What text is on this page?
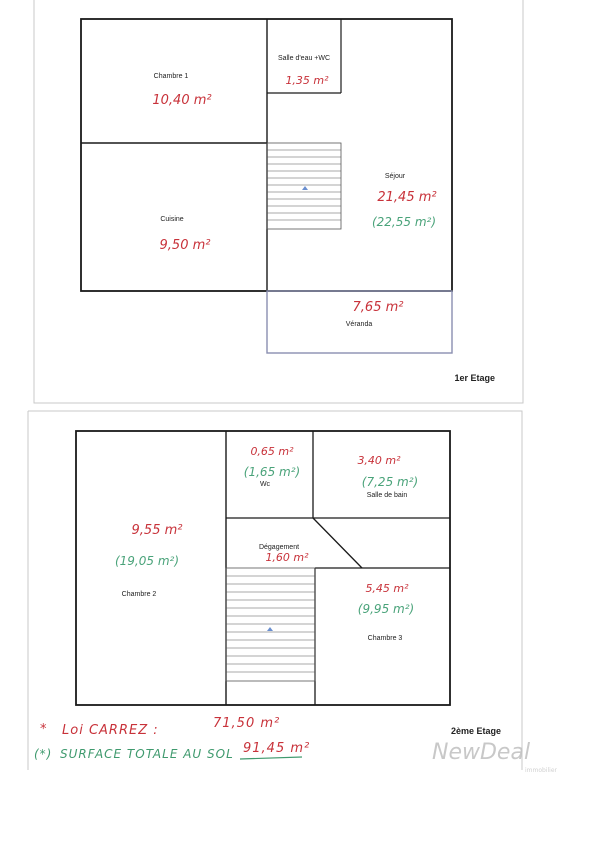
Chambre 1
10,40 m²
Salle d'eau +WC
1,35 m²
Cuisine
9,50 m²
Séjour
21,45 m²
(22,55 m²)
7,65 m²
Véranda
1er Etage
0,65 m²
(1,65 m²)
Wc
3,40 m²
(7,25 m²)
Salle de bain
9,55 m²
(19,05 m²)
Chambre 2
Dégagement
1,60 m²
5,45 m²
(9,95 m²)
Chambre 3
2ème Etage
* Loi CARREZ :	71,50 m²
(*) SURFACE TOTALE AU SOL 91,45 m²	NewDeal
immobilier
